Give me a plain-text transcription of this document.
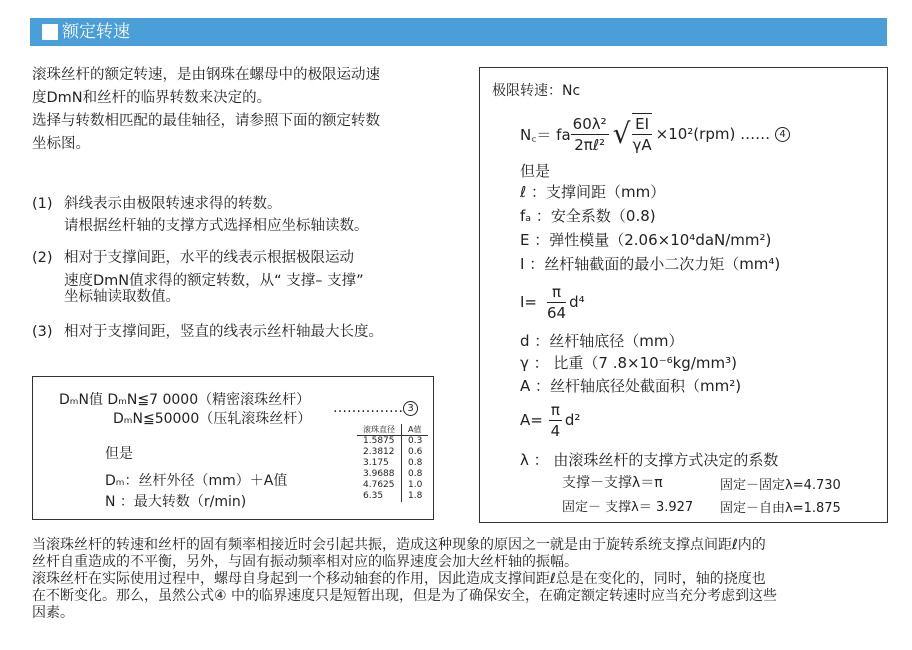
额定转速
滚珠丝杆的额定转速，是由钢珠在螺母中的极限运动速
度DmN和丝杆的临界转数来决定的。
选择与转数相匹配的最佳轴径，请参照下面的额定转数
坐标图。
(1) 斜线表示由极限转速求得的转数。
请根据丝杆轴的支撑方式选择相应坐标轴读数。
(2) 相对于支撑间距，水平的线表示根据极限运动
速度DmN值求得的额定转数，从“ 支撑– 支撑”
坐标轴读取数值。
(3) 相对于支撑间距，竖直的线表示丝杆轴最大长度。
DₘN值 DₘN≦7 0000（精密滚珠丝杆）
DₘN≦50000（压轧滚珠丝杆）
…………… 3
但是
Dₘ：丝杆外径（mm）＋A值
N ：最大转数（r/min)
滚珠直径	A值
1.5875	0.3
2.3812	0.6
3.175	0.8
3.9688	0.8
4.7625	1.0
6.35	1.8
极限转速：Nc
N꜀＝ fa $\frac{\text{60λ²}}{\text{2πℓ²}}$ √ $\frac{EI}{\gamma A} \times 10^2(rpm)$ …… 4
但是
ℓ ：支撑间距（mm）
fₐ ：安全系数（0.8)
E ：弹性模量（2.06×10⁴daN/mm²)
I ：丝杆轴截面的最小二次力矩（mm⁴)
$I= \frac{\pi}{64} d^4$
d ：丝杆轴底径（mm）
γ ： 比重（7 .8×10⁻⁶kg/mm³)
A ：丝杆轴底径处截面积（mm²)
$A= \frac{\pi}{4} d^2$
λ ： 由滚珠丝杆的支撑方式决定的系数
支撑－支撑λ＝π	固定－固定λ=4.730
固定－ 支撑λ＝ 3.927 固定－自由λ=1.875
当滚珠丝杆的转速和丝杆的固有频率相接近时会引起共振，造成这种现象的原因之一就是由于旋转系统支撑点间距ℓ内的
丝杆自重造成的不平衡，另外，与固有振动频率相对应的临界速度会加大丝杆轴的振幅。
滚珠丝杆在实际使用过程中，螺母自身起到一个移动轴套的作用，因此造成支撑间距ℓ总是在变化的，同时，轴的挠度也
在不断变化。那么，虽然公式④ 中的临界速度只是短暂出现，但是为了确保安全，在确定额定转速时应当充分考虑到这些
因素。
